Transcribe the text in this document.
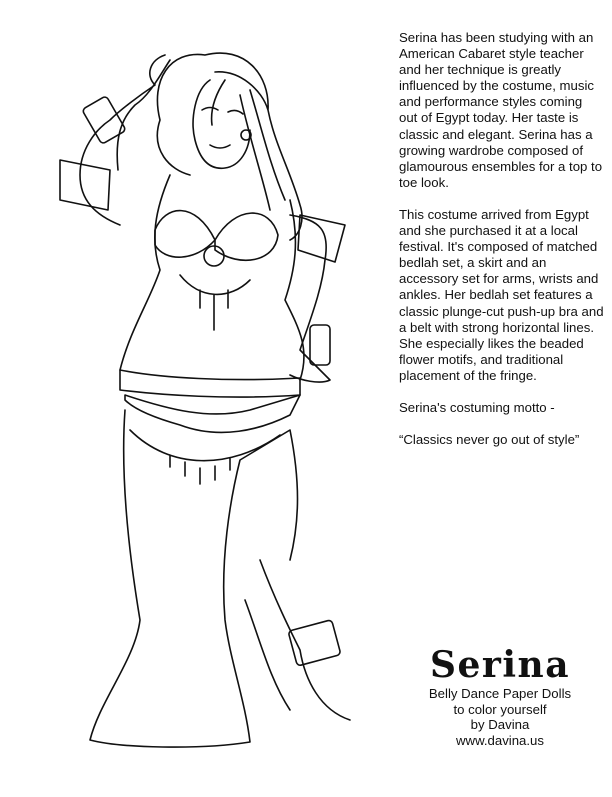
Serina has been studying with an American Cabaret style teacher and her technique is greatly influenced by the costume, music and performance styles coming out of Egypt today. Her taste is classic and elegant. Serina has a growing wardrobe composed of glamourous ensembles for a top to toe look.

This costume arrived from Egypt and she purchased it at a local festival. It's composed of matched bedlah set, a skirt and an accessory set for arms, wrists and ankles. Her bedlah set features a classic plunge-cut push-up bra and a belt with strong horizontal lines. She especially likes the beaded flower motifs, and traditional placement of the fringe.

Serina's costuming motto -

“Classics never go out of style”

Serina
Belly Dance Paper Dolls
to color yourself
by Davina
www.davina.us
